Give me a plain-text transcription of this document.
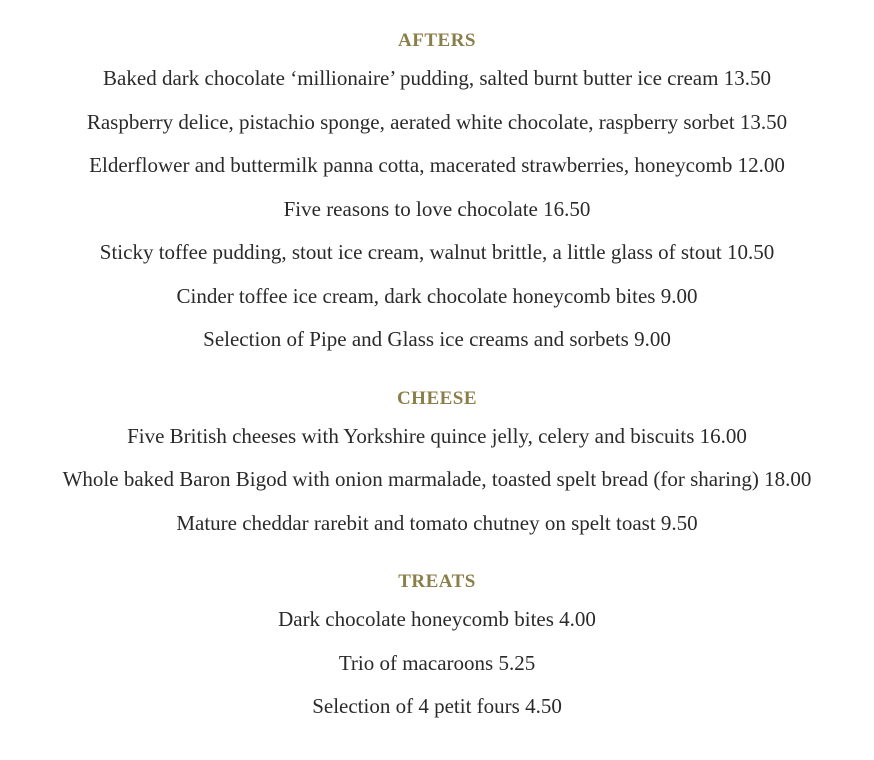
AFTERS
Baked dark chocolate ‘millionaire’ pudding, salted burnt butter ice cream 13.50
Raspberry delice, pistachio sponge, aerated white chocolate, raspberry sorbet 13.50
Elderflower and buttermilk panna cotta, macerated strawberries, honeycomb 12.00
Five reasons to love chocolate 16.50
Sticky toffee pudding, stout ice cream, walnut brittle, a little glass of stout 10.50
Cinder toffee ice cream, dark chocolate honeycomb bites 9.00
Selection of Pipe and Glass ice creams and sorbets 9.00
CHEESE
Five British cheeses with Yorkshire quince jelly, celery and biscuits 16.00
Whole baked Baron Bigod with onion marmalade, toasted spelt bread (for sharing) 18.00
Mature cheddar rarebit and tomato chutney on spelt toast 9.50
TREATS
Dark chocolate honeycomb bites 4.00
Trio of macaroons 5.25
Selection of 4 petit fours 4.50
